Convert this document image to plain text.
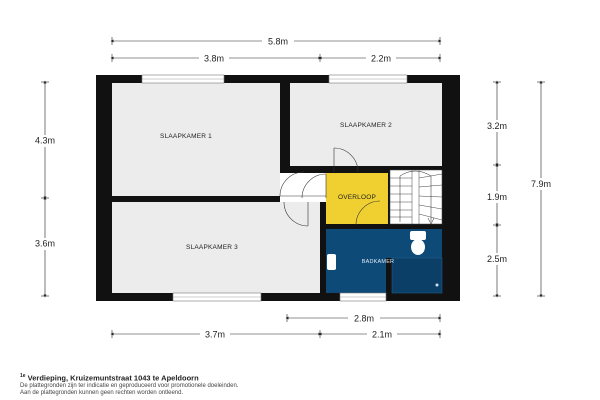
5.8m
3.8m	2.2m
4.3m
3.6m
3.2m
1.9m
2.5m
7.9m
2.8m
3.7m	2.1m
SLAAPKAMER 1
SLAAPKAMER 2
SLAAPKAMER 3
OVERLOOP
BADKAMER
$^{1e}$ Verdieping, Kruizemuntstraat 1043 te Apeldoorn
De plattegronden zijn ter indicatie en geproduceerd voor promotionele doeleinden.
Aan de plattegronden kunnen geen rechten worden ontleend.
